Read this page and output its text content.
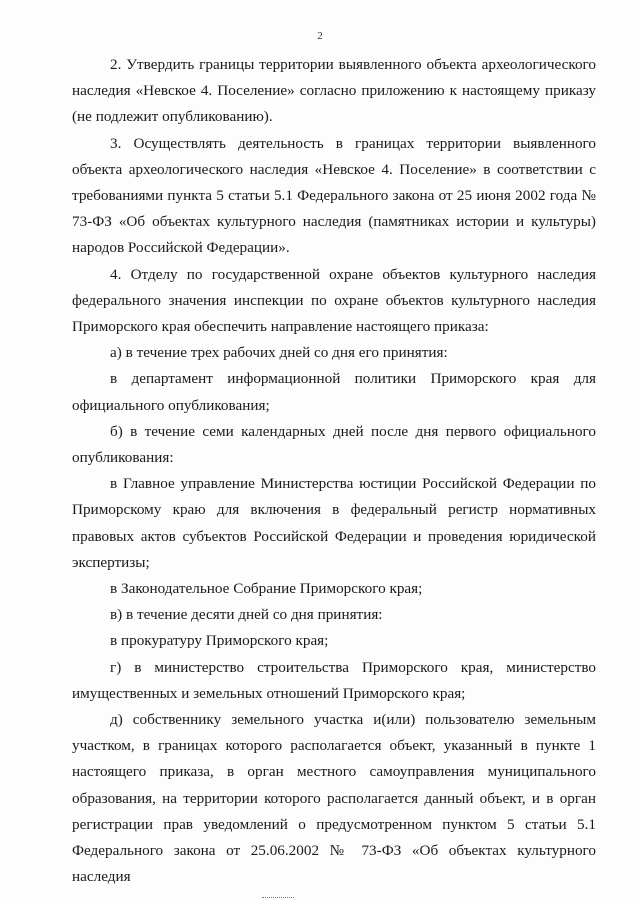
2

2. Утвердить границы территории выявленного объекта археологического наследия «Невское 4. Поселение» согласно приложению к настоящему приказу (не подлежит опубликованию).

3. Осуществлять деятельность в границах территории выявленного объекта археологического наследия «Невское 4. Поселение» в соответствии с требованиями пункта 5 статьи 5.1 Федерального закона от 25 июня 2002 года № 73-ФЗ «Об объектах культурного наследия (памятниках истории и культуры) народов Российской Федерации».

4. Отделу по государственной охране объектов культурного наследия федерального значения инспекции по охране объектов культурного наследия Приморского края обеспечить направление настоящего приказа:

а) в течение трех рабочих дней со дня его принятия:

в департамент информационной политики Приморского края для официального опубликования;

б) в течение семи календарных дней после дня первого официального опубликования:

в Главное управление Министерства юстиции Российской Федерации по Приморскому краю для включения в федеральный регистр нормативных правовых актов субъектов Российской Федерации и проведения юридической экспертизы;

в Законодательное Собрание Приморского края;

в) в течение десяти дней со дня принятия:

в прокуратуру Приморского края;

г) в министерство строительства Приморского края, министерство имущественных и земельных отношений Приморского края;

д) собственнику земельного участка и(или) пользователю земельным участком, в границах которого располагается объект, указанный в пункте 1 настоящего приказа, в орган местного самоуправления муниципального образования, на территории которого располагается данный объект, и в орган регистрации прав уведомлений о предусмотренном пунктом 5 статьи 5.1 Федерального закона от 25.06.2002 № 73-ФЗ «Об объектах культурного наследия
